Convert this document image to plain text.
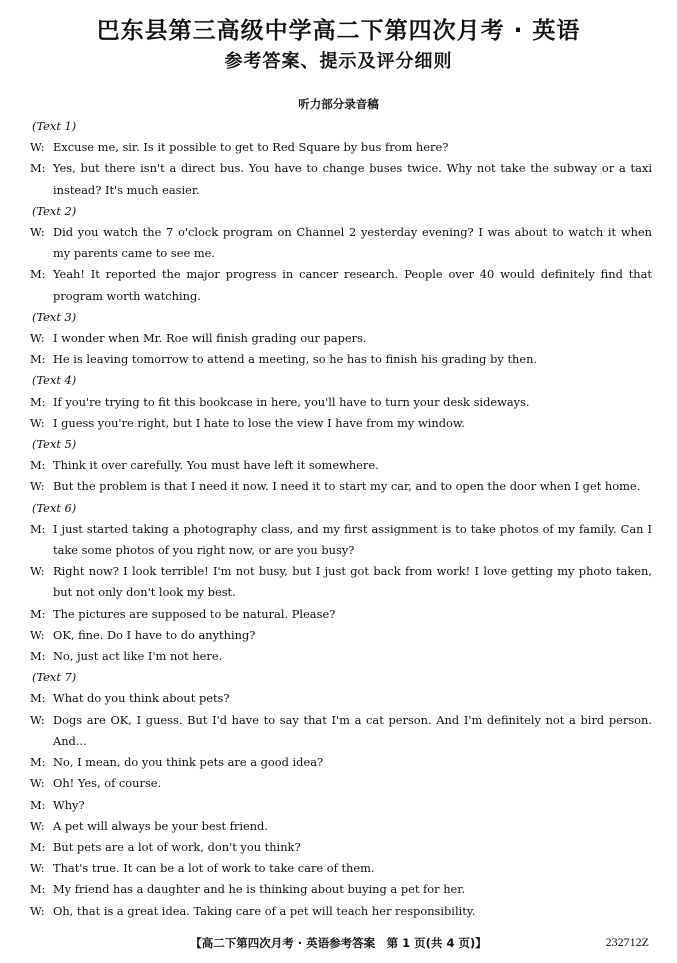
巴东县第三高级中学高二下第四次月考 · 英语
参考答案、提示及评分细则
听力部分录音稿
(Text 1)
W: Excuse me, sir. Is it possible to get to Red Square by bus from here?
M: Yes, but there isn't a direct bus. You have to change buses twice. Why not take the subway or a taxi instead? It's much easier.
(Text 2)
W: Did you watch the 7 o'clock program on Channel 2 yesterday evening? I was about to watch it when my parents came to see me.
M: Yeah! It reported the major progress in cancer research. People over 40 would definitely find that program worth watching.
(Text 3)
W: I wonder when Mr. Roe will finish grading our papers.
M: He is leaving tomorrow to attend a meeting, so he has to finish his grading by then.
(Text 4)
M: If you're trying to fit this bookcase in here, you'll have to turn your desk sideways.
W: I guess you're right, but I hate to lose the view I have from my window.
(Text 5)
M: Think it over carefully. You must have left it somewhere.
W: But the problem is that I need it now. I need it to start my car, and to open the door when I get home.
(Text 6)
M: I just started taking a photography class, and my first assignment is to take photos of my family. Can I take some photos of you right now, or are you busy?
W: Right now? I look terrible! I'm not busy, but I just got back from work! I love getting my photo taken, but not only don't look my best.
M: The pictures are supposed to be natural. Please?
W: OK, fine. Do I have to do anything?
M: No, just act like I'm not here.
(Text 7)
M: What do you think about pets?
W: Dogs are OK, I guess. But I'd have to say that I'm a cat person. And I'm definitely not a bird person. And...
M: No, I mean, do you think pets are a good idea?
W: Oh! Yes, of course.
M: Why?
W: A pet will always be your best friend.
M: But pets are a lot of work, don't you think?
W: That's true. It can be a lot of work to take care of them.
M: My friend has a daughter and he is thinking about buying a pet for her.
W: Oh, that is a great idea. Taking care of a pet will teach her responsibility.
【高二下第四次月考 · 英语参考答案　第 1 页(共 4 页)】	232712Z
